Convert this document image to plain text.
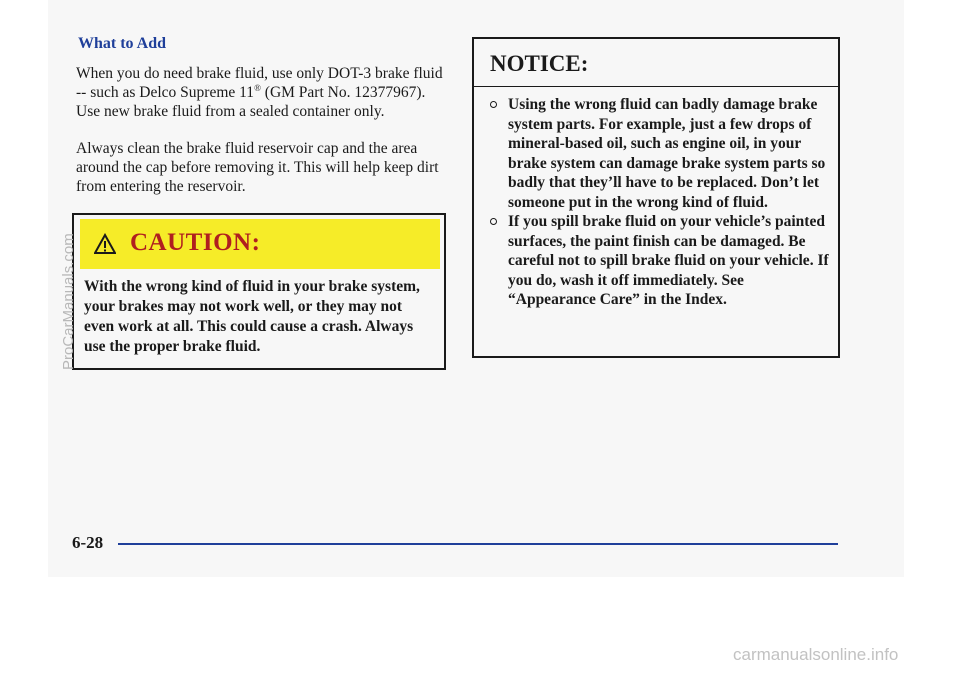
What to Add

When you do need brake fluid, use only DOT-3 brake fluid -- such as Delco Supreme 11® (GM Part No. 12377967). Use new brake fluid from a sealed container only.

Always clean the brake fluid reservoir cap and the area around the cap before removing it. This will help keep dirt from entering the reservoir.

CAUTION:

With the wrong kind of fluid in your brake system, your brakes may not work well, or they may not even work at all. This could cause a crash. Always use the proper brake fluid.

NOTICE:
Using the wrong fluid can badly damage brake system parts. For example, just a few drops of mineral-based oil, such as engine oil, in your brake system can damage brake system parts so badly that they’ll have to be replaced. Don’t let someone put in the wrong kind of fluid.
If you spill brake fluid on your vehicle’s painted surfaces, the paint finish can be damaged. Be careful not to spill brake fluid on your vehicle. If you do, wash it off immediately. See “Appearance Care” in the Index.
6-28
carmanualsonline.info
